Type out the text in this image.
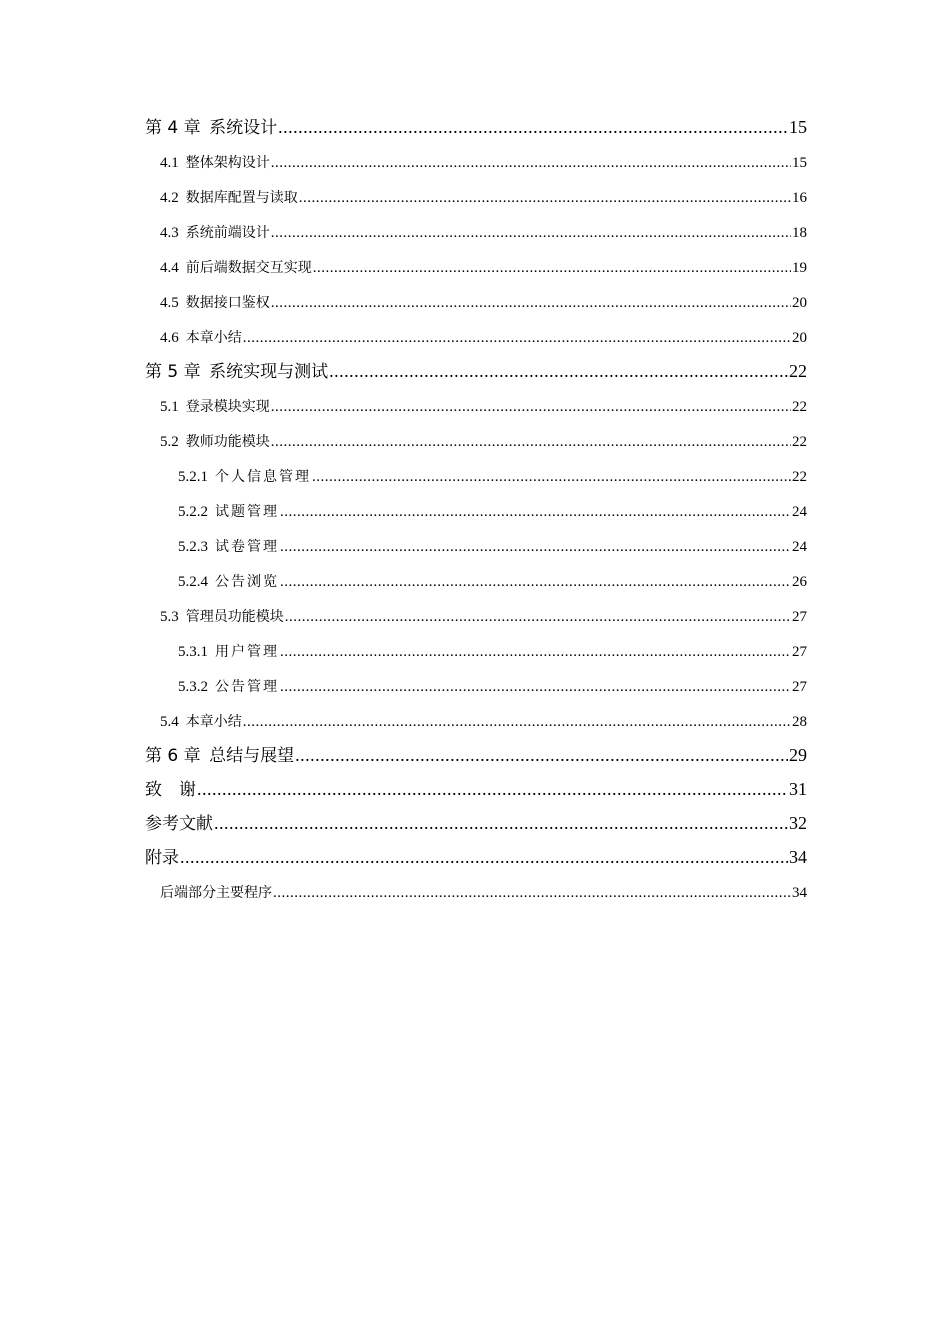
第 4 章 系统设计 .....	15
4.1 整体架构设计 .....	15
4.2 数据库配置与读取 .....	16
4.3 系统前端设计 .....	18
4.4 前后端数据交互实现 .....	19
4.5 数据接口鉴权 .....	20
4.6 本章小结 .....	20
第 5 章 系统实现与测试 .....	22
5.1 登录模块实现 .....	22
5.2 教师功能模块 .....	22
5.2.1 个人信息管理 .....	22
5.2.2 试题管理 .....	24
5.2.3 试卷管理 .....	24
5.2.4 公告浏览 .....	26
5.3 管理员功能模块 .....	27
5.3.1 用户管理 .....	27
5.3.2 公告管理 .....	27
5.4 本章小结 .....	28
第 6 章 总结与展望 .....	29
致　谢 .....	31
参考文献 .....	32
附录 .....	34
后端部分主要程序 .....	34
